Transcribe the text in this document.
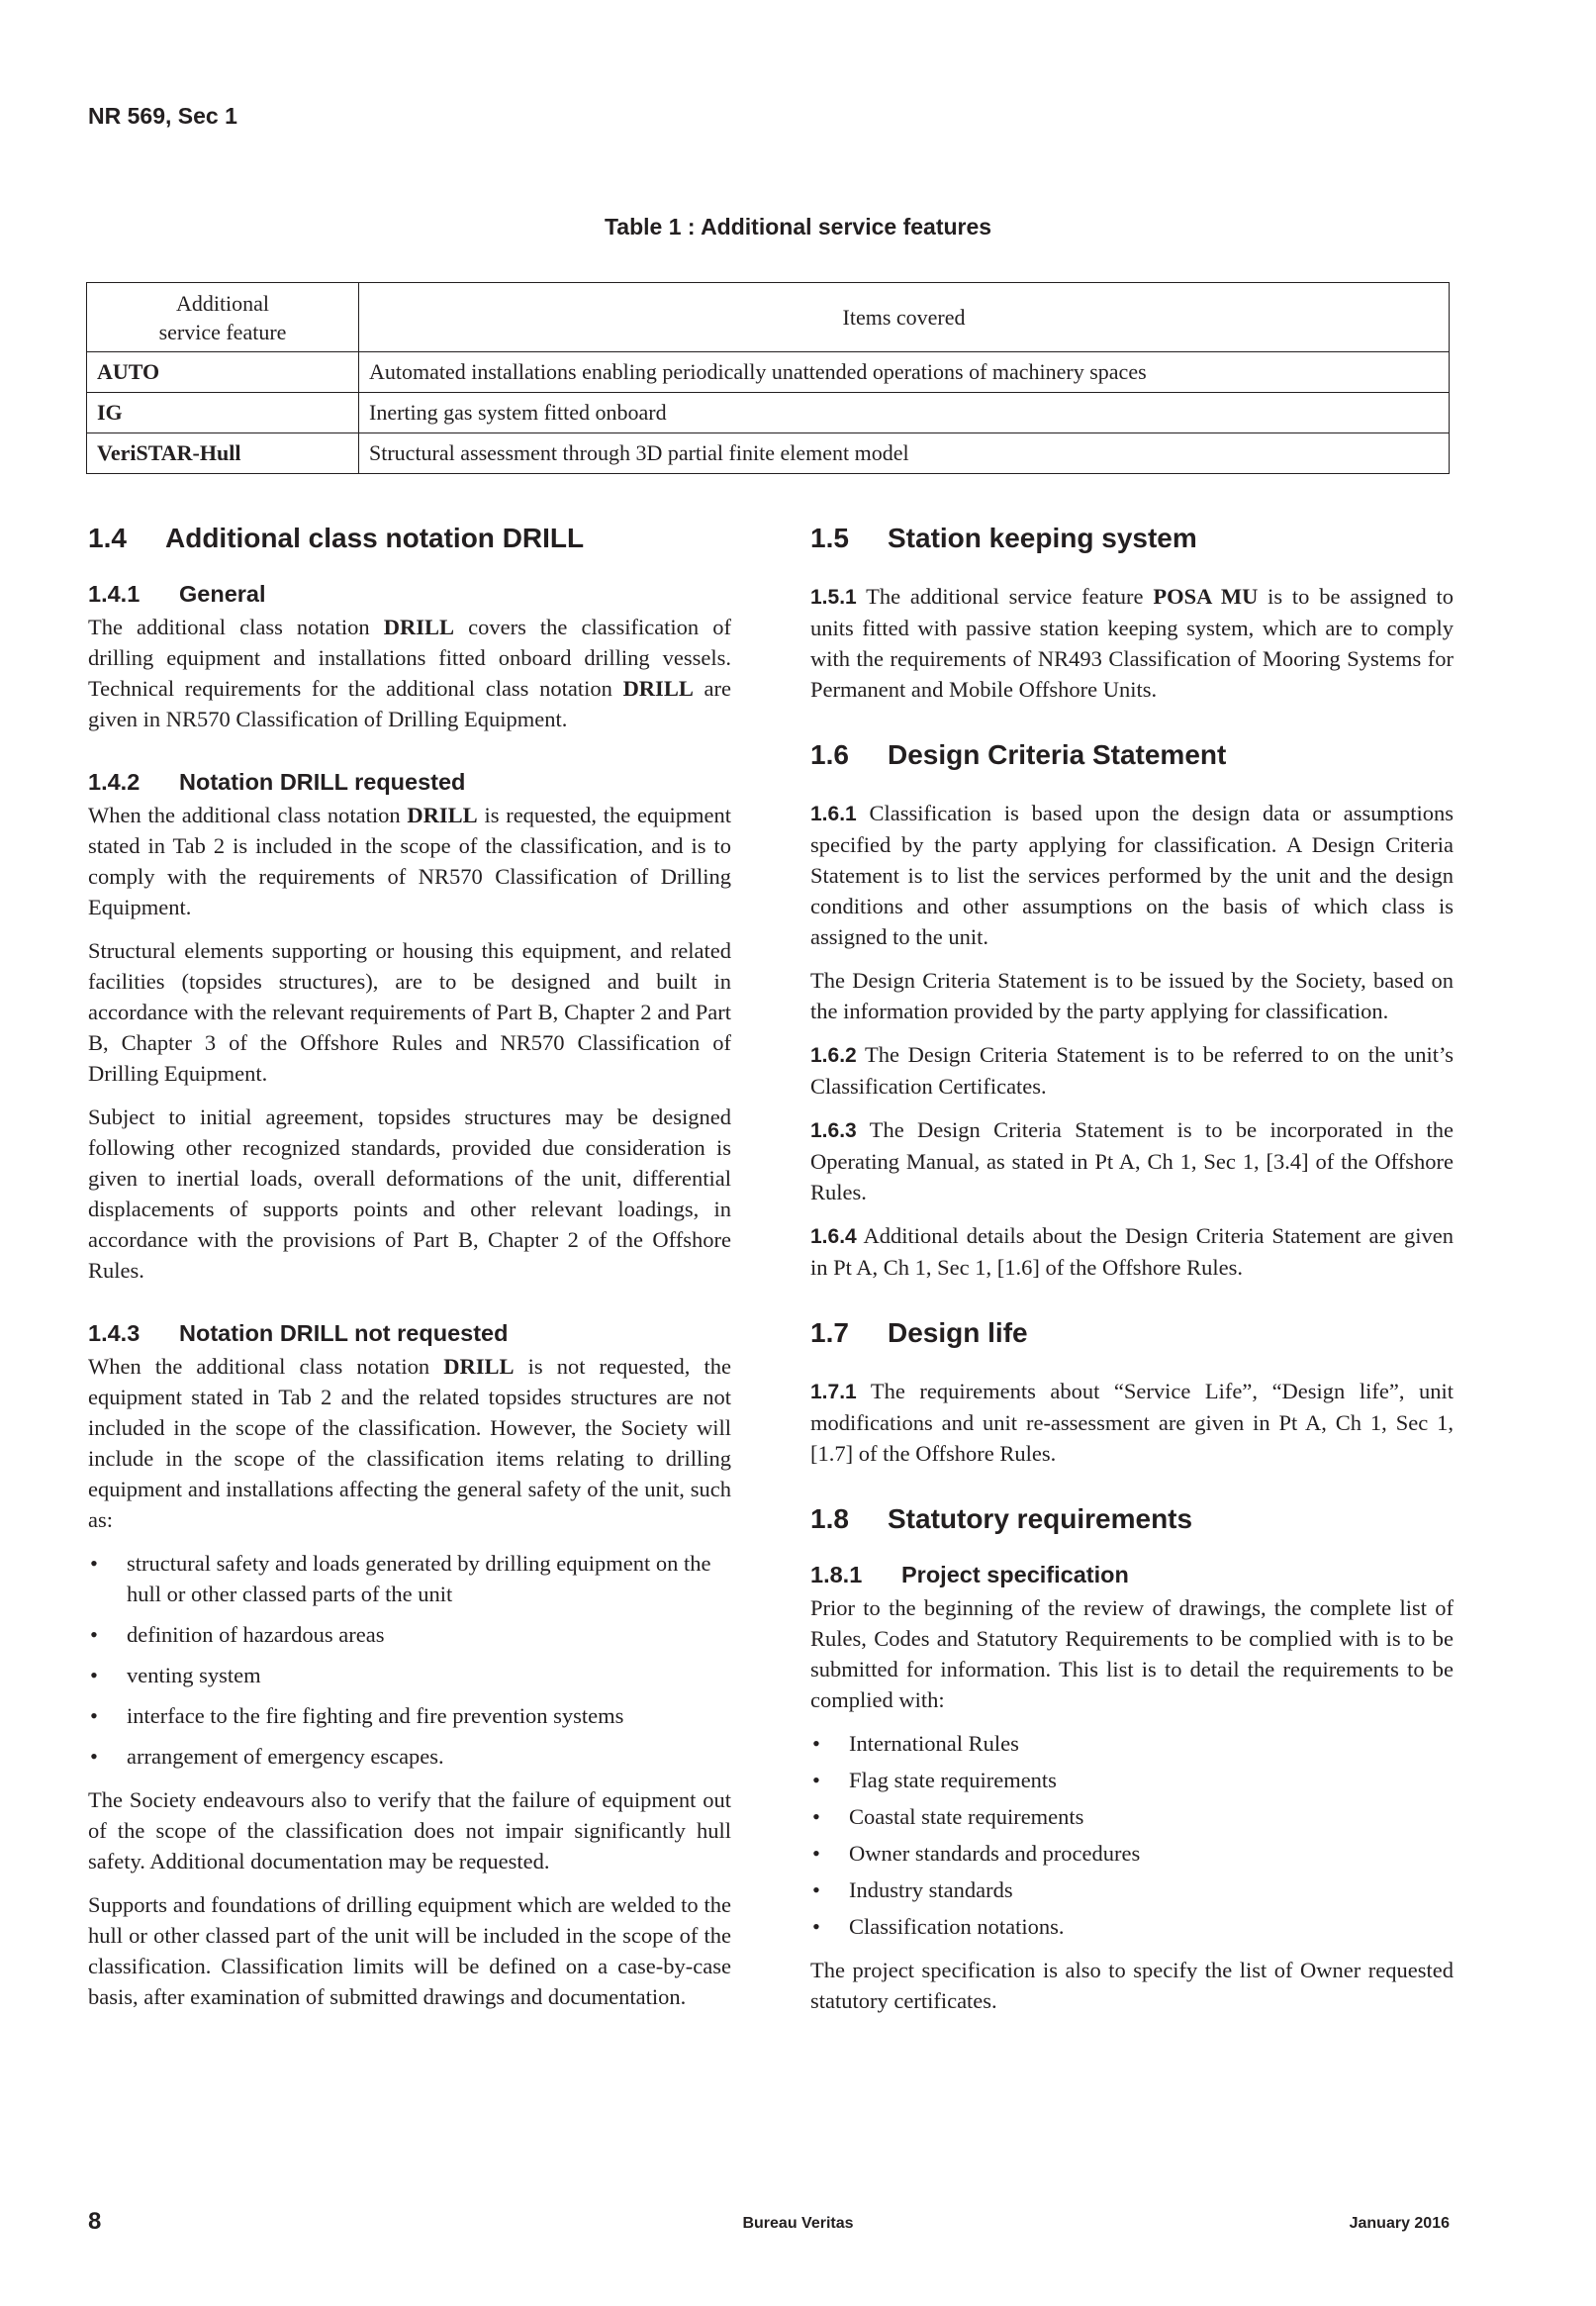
NR 569, Sec 1
Table 1 : Additional service features
Additional
service feature	Items covered
AUTO	Automated installations enabling periodically unattended operations of machinery spaces
IG	Inerting gas system fitted onboard
VeriSTAR-Hull	Structural assessment through 3D partial finite element model
1.4	Additional class notation DRILL
1.4.1	General

The additional class notation DRILL covers the classification of drilling equipment and installations fitted onboard drilling vessels. Technical requirements for the additional class notation DRILL are given in NR570 Classification of Drilling Equipment.

1.4.2	Notation DRILL requested

When the additional class notation DRILL is requested, the equipment stated in Tab 2 is included in the scope of the classification, and is to comply with the requirements of NR570 Classification of Drilling Equipment.

Structural elements supporting or housing this equipment, and related facilities (topsides structures), are to be designed and built in accordance with the relevant requirements of Part B, Chapter 2 and Part B, Chapter 3 of the Offshore Rules and NR570 Classification of Drilling Equipment.

Subject to initial agreement, topsides structures may be designed following other recognized standards, provided due consideration is given to inertial loads, overall deformations of the unit, differential displacements of supports points and other relevant loadings, in accordance with the provisions of Part B, Chapter 2 of the Offshore Rules.

1.4.3	Notation DRILL not requested

When the additional class notation DRILL is not requested, the equipment stated in Tab 2 and the related topsides structures are not included in the scope of the classification. However, the Society will include in the scope of the classification items relating to drilling equipment and installations affecting the general safety of the unit, such as:

• structural safety and loads generated by drilling equipment on the hull or other classed parts of the unit
• definition of hazardous areas
• venting system
• interface to the fire fighting and fire prevention systems
• arrangement of emergency escapes.

The Society endeavours also to verify that the failure of equipment out of the scope of the classification does not impair significantly hull safety. Additional documentation may be requested.

Supports and foundations of drilling equipment which are welded to the hull or other classed part of the unit will be included in the scope of the classification. Classification limits will be defined on a case-by-case basis, after examination of submitted drawings and documentation.

1.5	Station keeping system

1.5.1 The additional service feature POSA MU is to be assigned to units fitted with passive station keeping system, which are to comply with the requirements of NR493 Classification of Mooring Systems for Permanent and Mobile Offshore Units.

1.6	Design Criteria Statement

1.6.1 Classification is based upon the design data or assumptions specified by the party applying for classification. A Design Criteria Statement is to list the services performed by the unit and the design conditions and other assumptions on the basis of which class is assigned to the unit.

The Design Criteria Statement is to be issued by the Society, based on the information provided by the party applying for classification.

1.6.2 The Design Criteria Statement is to be referred to on the unit’s Classification Certificates.

1.6.3 The Design Criteria Statement is to be incorporated in the Operating Manual, as stated in Pt A, Ch 1, Sec 1, [3.4] of the Offshore Rules.

1.6.4 Additional details about the Design Criteria Statement are given in Pt A, Ch 1, Sec 1, [1.6] of the Offshore Rules.

1.7	Design life

1.7.1 The requirements about “Service Life”, “Design life”, unit modifications and unit re-assessment are given in Pt A, Ch 1, Sec 1, [1.7] of the Offshore Rules.

1.8	Statutory requirements
1.8.1	Project specification

Prior to the beginning of the review of drawings, the complete list of Rules, Codes and Statutory Requirements to be complied with is to be submitted for information. This list is to detail the requirements to be complied with:

• International Rules
• Flag state requirements
• Coastal state requirements
• Owner standards and procedures
• Industry standards
• Classification notations.

The project specification is also to specify the list of Owner requested statutory certificates.

8	Bureau Veritas	January 2016
